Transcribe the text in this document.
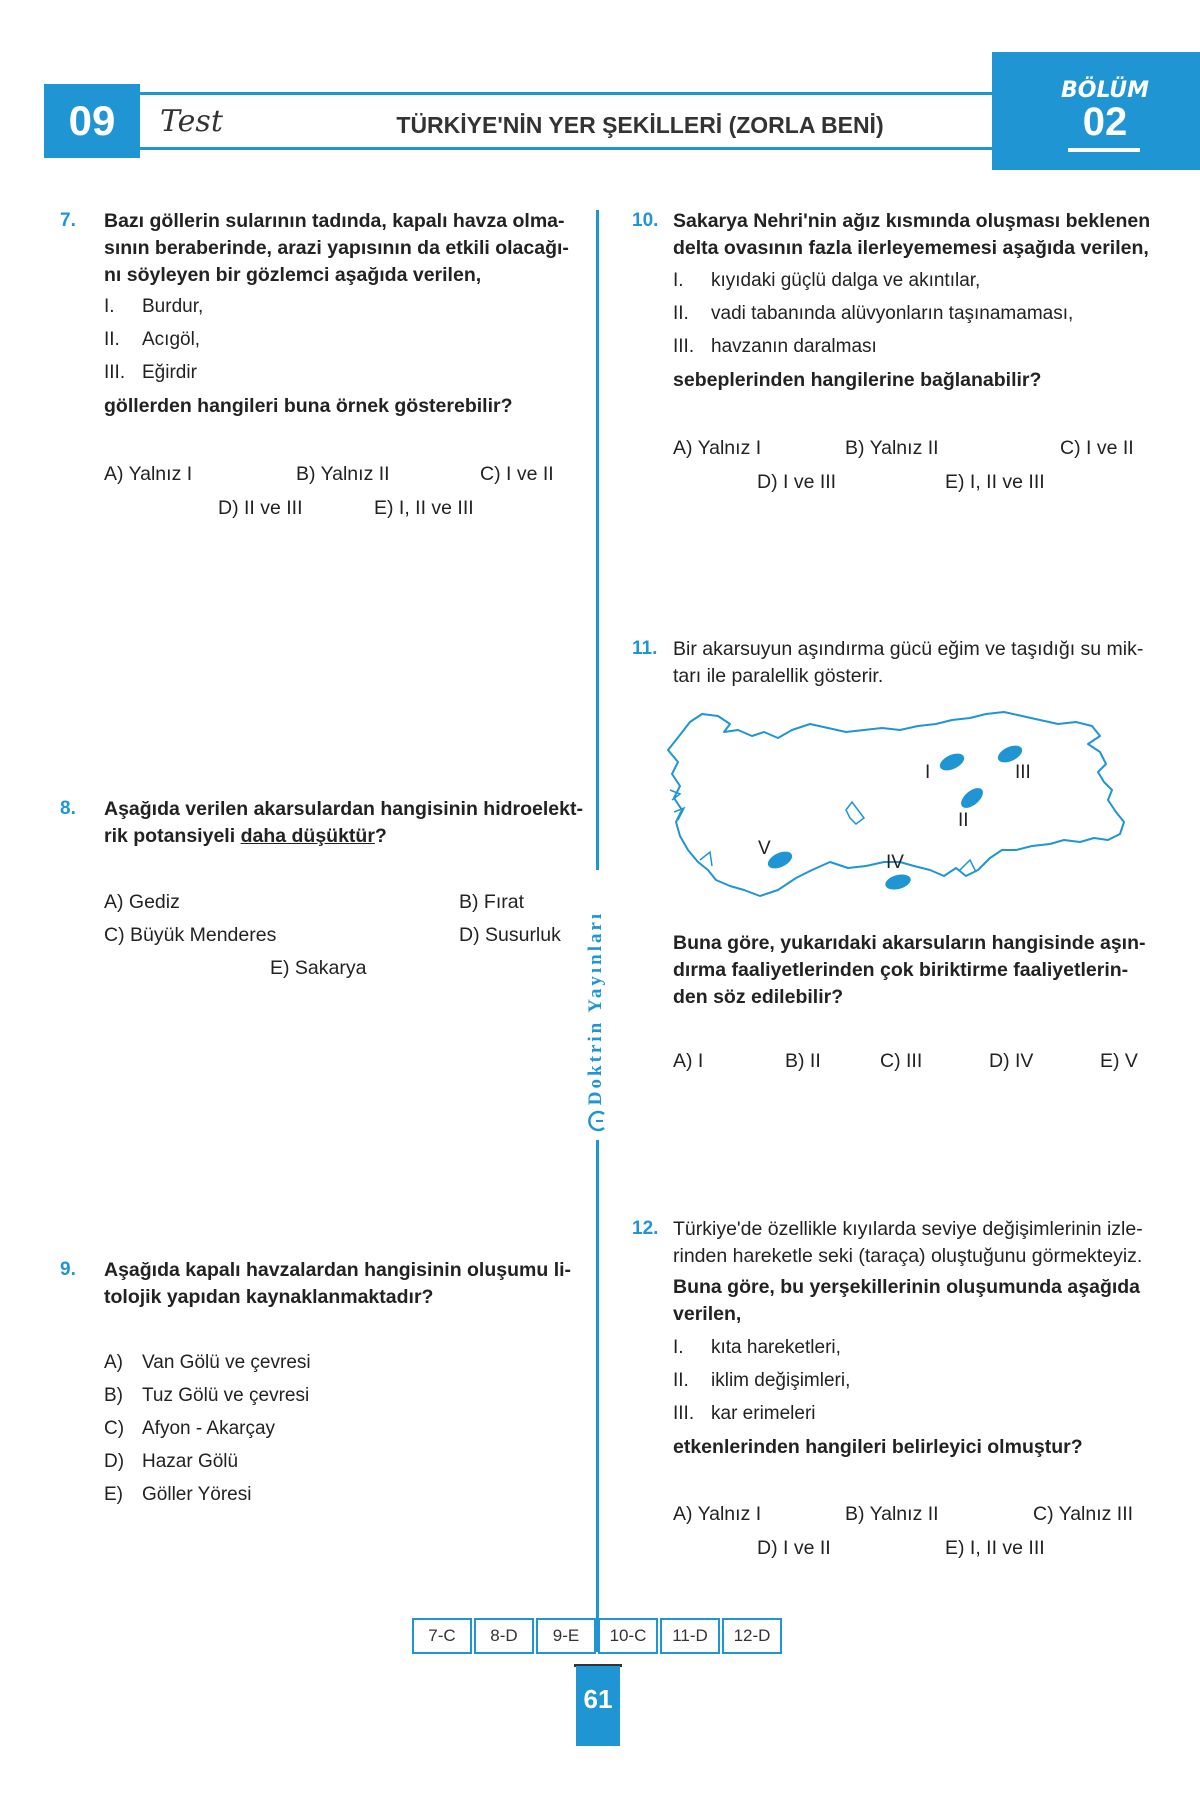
09	Test	TÜRKİYE'NİN YER ŞEKİLLERİ (ZORLA BENİ)
BÖLÜM
02
Doktrin Yayınları
7. Bazı göllerin sularının tadında, kapalı havza olma-
sının beraberinde, arazi yapısının da etkili olacağı-
nı söyleyen bir gözlemci aşağıda verilen,
I. Burdur,
II. Acıgöl,
III. Eğirdir
göllerden hangileri buna örnek gösterebilir?
A) Yalnız I	B) Yalnız II	C) I ve II
D) II ve III	E) I, II ve III
8. Aşağıda verilen akarsulardan hangisinin hidroelekt-
rik potansiyeli daha düşüktür?
A) Gediz	B) Fırat
C) Büyük Menderes	D) Susurluk
E) Sakarya
9. Aşağıda kapalı havzalardan hangisinin oluşumu li-
tolojik yapıdan kaynaklanmaktadır?
A) Van Gölü ve çevresi
B) Tuz Gölü ve çevresi
C) Afyon - Akarçay
D) Hazar Gölü
E) Göller Yöresi
10. Sakarya Nehri'nin ağız kısmında oluşması beklenen
delta ovasının fazla ilerleyememesi aşağıda verilen,
I. kıyıdaki güçlü dalga ve akıntılar,
II. vadi tabanında alüvyonların taşınamaması,
III. havzanın daralması
sebeplerinden hangilerine bağlanabilir?
A) Yalnız I	B) Yalnız II	C) I ve II
D) I ve III	E) I, II ve III
11. Bir akarsuyun aşındırma gücü eğim ve taşıdığı su mik-
tarı ile paralellik gösterir.
I
II
III
IV
V
Buna göre, yukarıdaki akarsuların hangisinde aşın-
dırma faaliyetlerinden çok biriktirme faaliyetlerin-
den söz edilebilir?
A) I	B) II	C) III	D) IV	E) V
12. Türkiye'de özellikle kıyılarda seviye değişimlerinin izle-
rinden hareketle seki (taraça) oluştuğunu görmekteyiz.
Buna göre, bu yerşekillerinin oluşumunda aşağıda
verilen,
I. kıta hareketleri,
II. iklim değişimleri,
III. kar erimeleri
etkenlerinden hangileri belirleyici olmuştur?
A) Yalnız I	B) Yalnız II	C) Yalnız III
D) I ve II	E) I, II ve III
7-C	8-D	9-E	10-C	11-D	12-D
61
